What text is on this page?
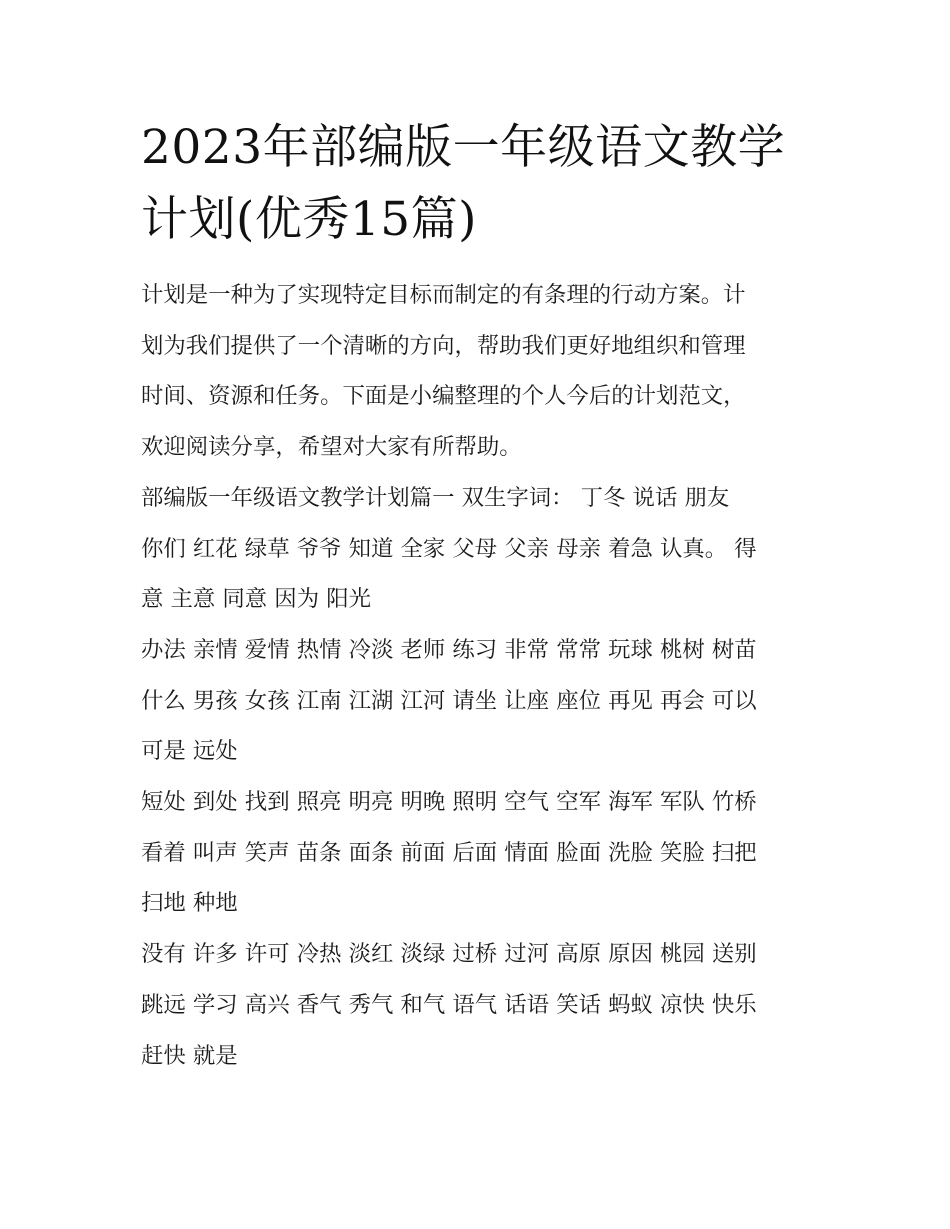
2023年部编版一年级语文教学
计划(优秀15篇)

计划是一种为了实现特定目标而制定的有条理的行动方案。计
划为我们提供了一个清晰的方向，帮助我们更好地组织和管理
时间、资源和任务。下面是小编整理的个人今后的计划范文，
欢迎阅读分享，希望对大家有所帮助。

部编版一年级语文教学计划篇一 双生字词： 丁冬 说话 朋友
你们 红花 绿草 爷爷 知道 全家 父母 父亲 母亲 着急 认真。 得
意 主意 同意 因为 阳光

办法 亲情 爱情 热情 冷淡 老师 练习 非常 常常 玩球 桃树 树苗
什么 男孩 女孩 江南 江湖 江河 请坐 让座 座位 再见 再会 可以
可是 远处

短处 到处 找到 照亮 明亮 明晚 照明 空气 空军 海军 军队 竹桥
看着 叫声 笑声 苗条 面条 前面 后面 情面 脸面 洗脸 笑脸 扫把
扫地 种地

没有 许多 许可 冷热 淡红 淡绿 过桥 过河 高原 原因 桃园 送别
跳远 学习 高兴 香气 秀气 和气 语气 话语 笑话 蚂蚁 凉快 快乐
赶快 就是
